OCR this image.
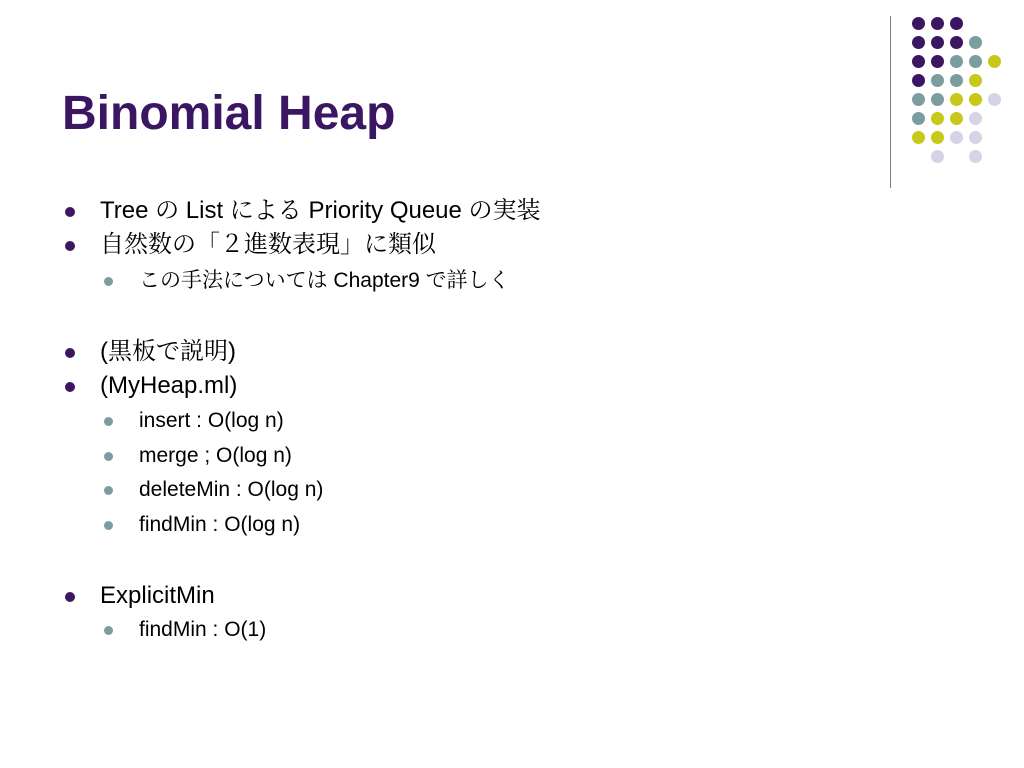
Binomial Heap
Tree の List による Priority Queue の実装
自然数の「２進数表現」に類似
この手法については Chapter9 で詳しく
(黒板で説明)
(MyHeap.ml)
insert : O(log n)
merge ; O(log n)
deleteMin : O(log n)
findMin : O(log n)
ExplicitMin
findMin : O(1)
